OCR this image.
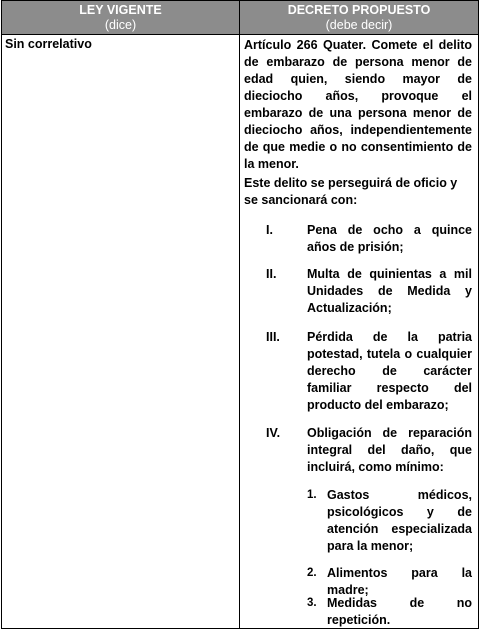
LEY VIGENTE
(dice)
DECRETO PROPUESTO
(debe decir)
Sin correlativo	Artículo 266 Quater. Comete el delito de embarazo de persona menor de edad quien, siendo mayor de dieciocho años, provoque el embarazo de una persona menor de dieciocho años, independientemente de que medie o no consentimiento de la menor.
Este delito se perseguirá de oficio y se sancionará con:
I.	Pena de ocho a quince años de prisión;
II. Multa de quinientas a mil Unidades de Medida y Actualización;
III. Pérdida de la patria potestad, tutela o cualquier derecho de carácter familiar respecto del producto del embarazo;
IV. Obligación de reparación integral del daño, que incluirá, como mínimo:
1. Gastos médicos, psicológicos y de atención especializada para la menor;
2. Alimentos para la madre;
3. Medidas de no repetición.
